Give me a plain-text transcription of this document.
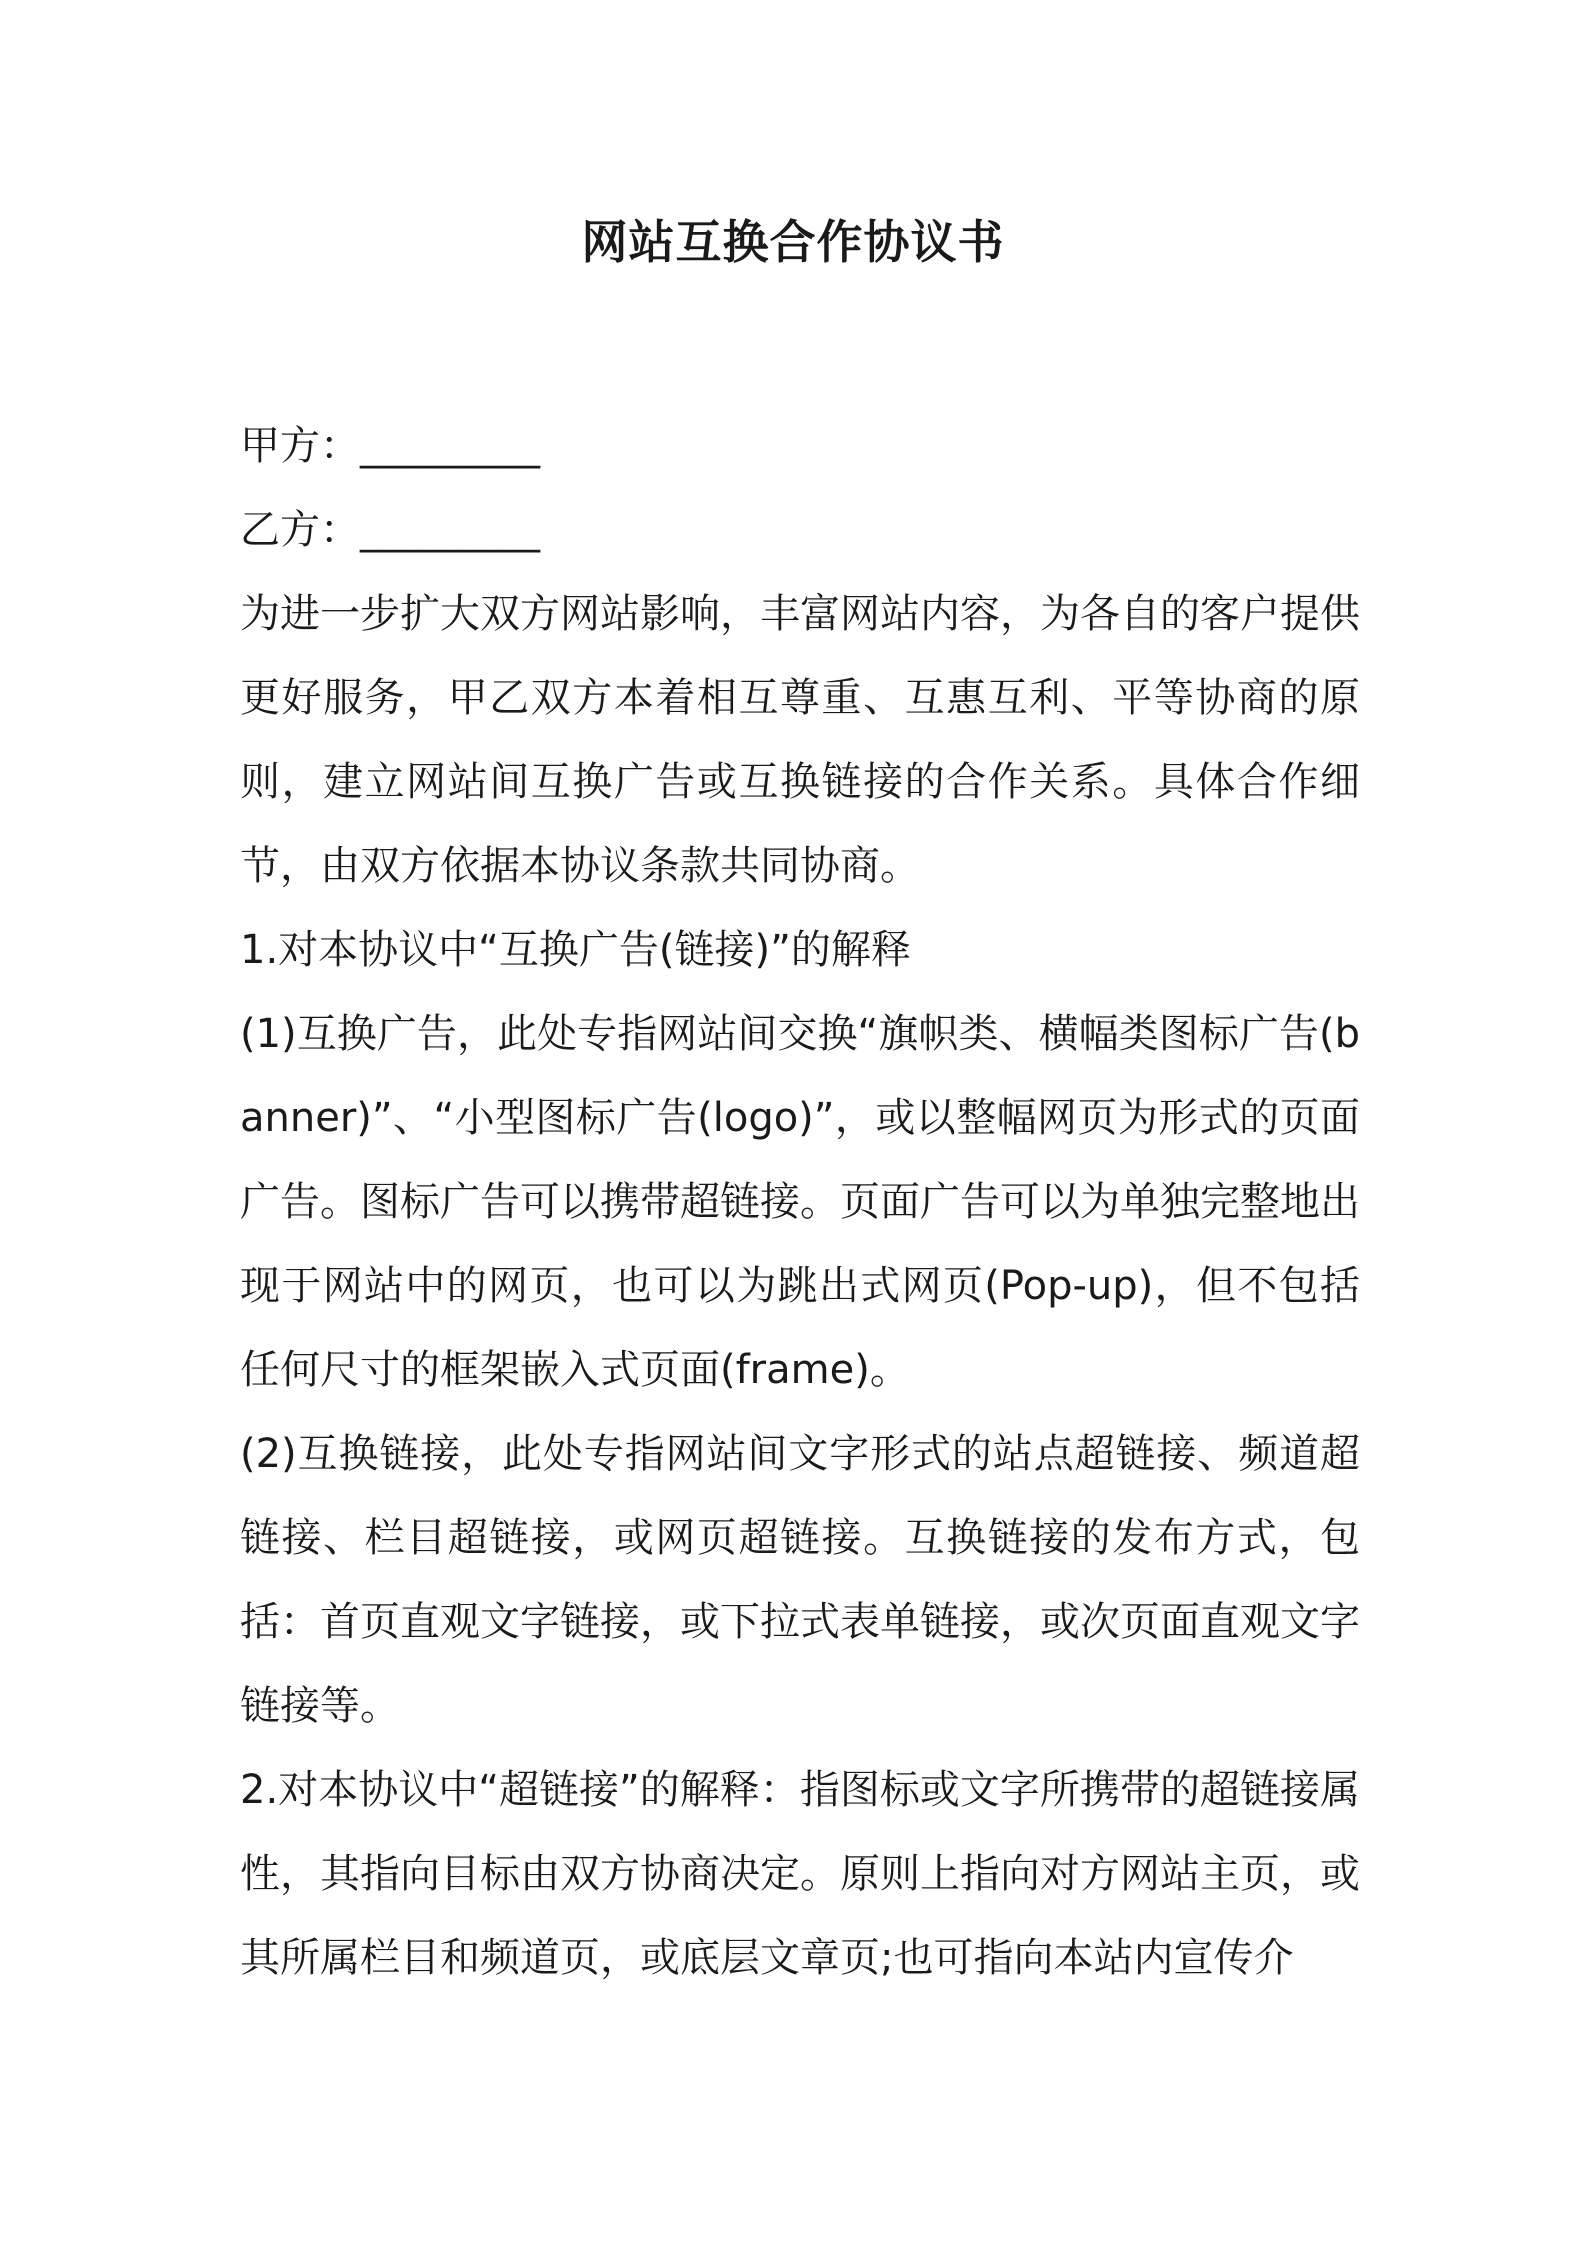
网站互换合作协议书

甲方：_________

乙方：_________

为进一步扩大双方网站影响，丰富网站内容，为各自的客户提供更好服务，甲乙双方本着相互尊重、互惠互利、平等协商的原则，建立网站间互换广告或互换链接的合作关系。具体合作细节，由双方依据本协议条款共同协商。

1.对本协议中“互换广告(链接)”的解释

(1)互换广告，此处专指网站间交换“旗帜类、横幅类图标广告(banner)”、“小型图标广告(logo)”，或以整幅网页为形式的页面广告。图标广告可以携带超链接。页面广告可以为单独完整地出现于网站中的网页，也可以为跳出式网页(Pop-up)，但不包括任何尺寸的框架嵌入式页面(frame)。

(2)互换链接，此处专指网站间文字形式的站点超链接、频道超链接、栏目超链接，或网页超链接。互换链接的发布方式，包括：首页直观文字链接，或下拉式表单链接，或次页面直观文字链接等。

2.对本协议中“超链接”的解释：指图标或文字所携带的超链接属性，其指向目标由双方协商决定。原则上指向对方网站主页，或其所属栏目和频道页，或底层文章页;也可指向本站内宣传介
